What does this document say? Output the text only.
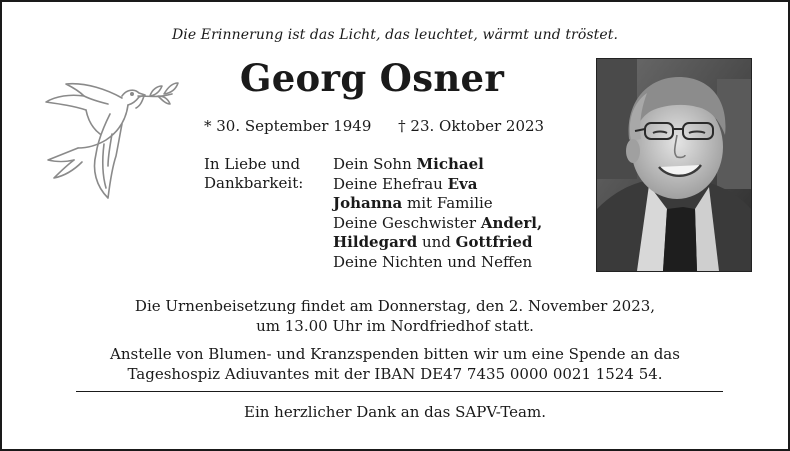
Die Erinnerung ist das Licht, das leuchtet, wärmt und tröstet.
Georg Osner
* 30. September 1949 † 23. Oktober 2023
In Liebe und
Dankbarkeit:
Dein Sohn Michael
Deine Ehefrau Eva
Johanna mit Familie
Deine Geschwister Anderl,
Hildegard und Gottfried
Deine Nichten und Neffen
Die Urnenbeisetzung findet am Donnerstag, den 2. November 2023,
um 13.00 Uhr im Nordfriedhof statt.
Anstelle von Blumen- und Kranzspenden bitten wir um eine Spende an das
Tageshospiz Adiuvantes mit der IBAN DE47 7435 0000 0021 1524 54.
Ein herzlicher Dank an das SAPV-Team.
